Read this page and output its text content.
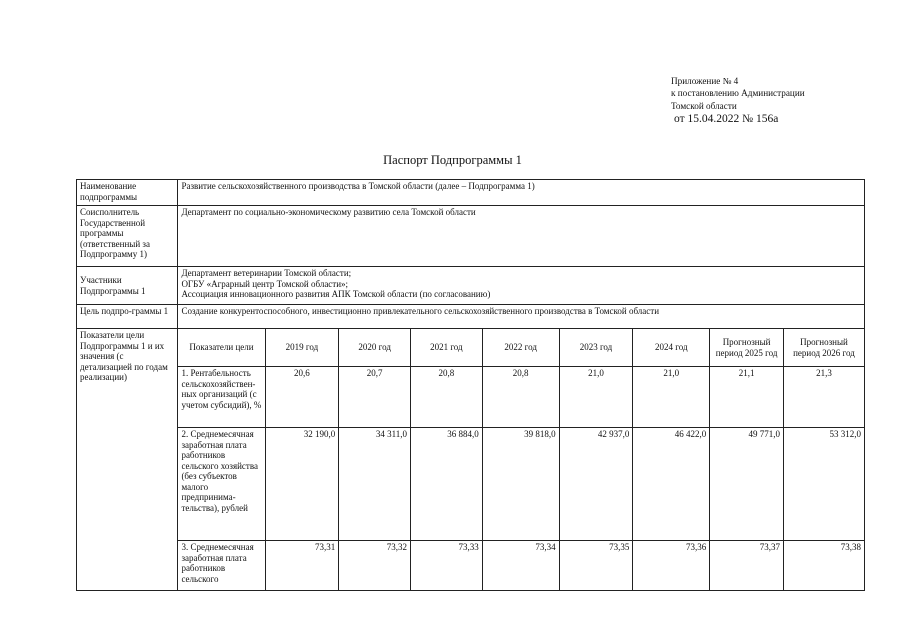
Приложение № 4
к постановлению Администрации
Томской области
от 15.04.2022 № 156а
Паспорт Подпрограммы 1
Наименование подпрограммы	Развитие сельскохозяйственного производства в Томской области (далее – Подпрограмма 1)								
Соисполнитель Государственной программы (ответственный за Подпрограмму 1)	Департамент по социально-экономическому развитию села Томской области								
Участники Подпрограммы 1	Департамент ветеринарии Томской области;
ОГБУ «Аграрный центр Томской области»;
Ассоциация инновационного развития АПК Томской области (по согласованию)								

Цель подпро-граммы 1	Создание конкурентоспособного, инвестиционно привлекательного сельскохозяйственного производства в Томской области								
Показатели цели Подпрограммы 1 и их значения (с детализацией по годам реализации)	Показатели цели	2019 год	2020 год	2021 год	2022 год	2023 год	2024 год	Прогнозный период 2025 год	Прогнозный период 2026 год
	1. Рентабельность сельскохозяйствен-ных организаций (с учетом субсидий), %	20,6	20,7	20,8	20,8	21,0	21,0	21,1	21,3
	2. Среднемесячная заработная плата работников сельского хозяйства (без субъектов малого предпринима-тельства), рублей	32 190,0	34 311,0	36 884,0	39 818,0	42 937,0	46 422,0	49 771,0	53 312,0
	3. Среднемесячная заработная плата работников сельского	73,31	73,32	73,33	73,34	73,35	73,36	73,37	73,38
